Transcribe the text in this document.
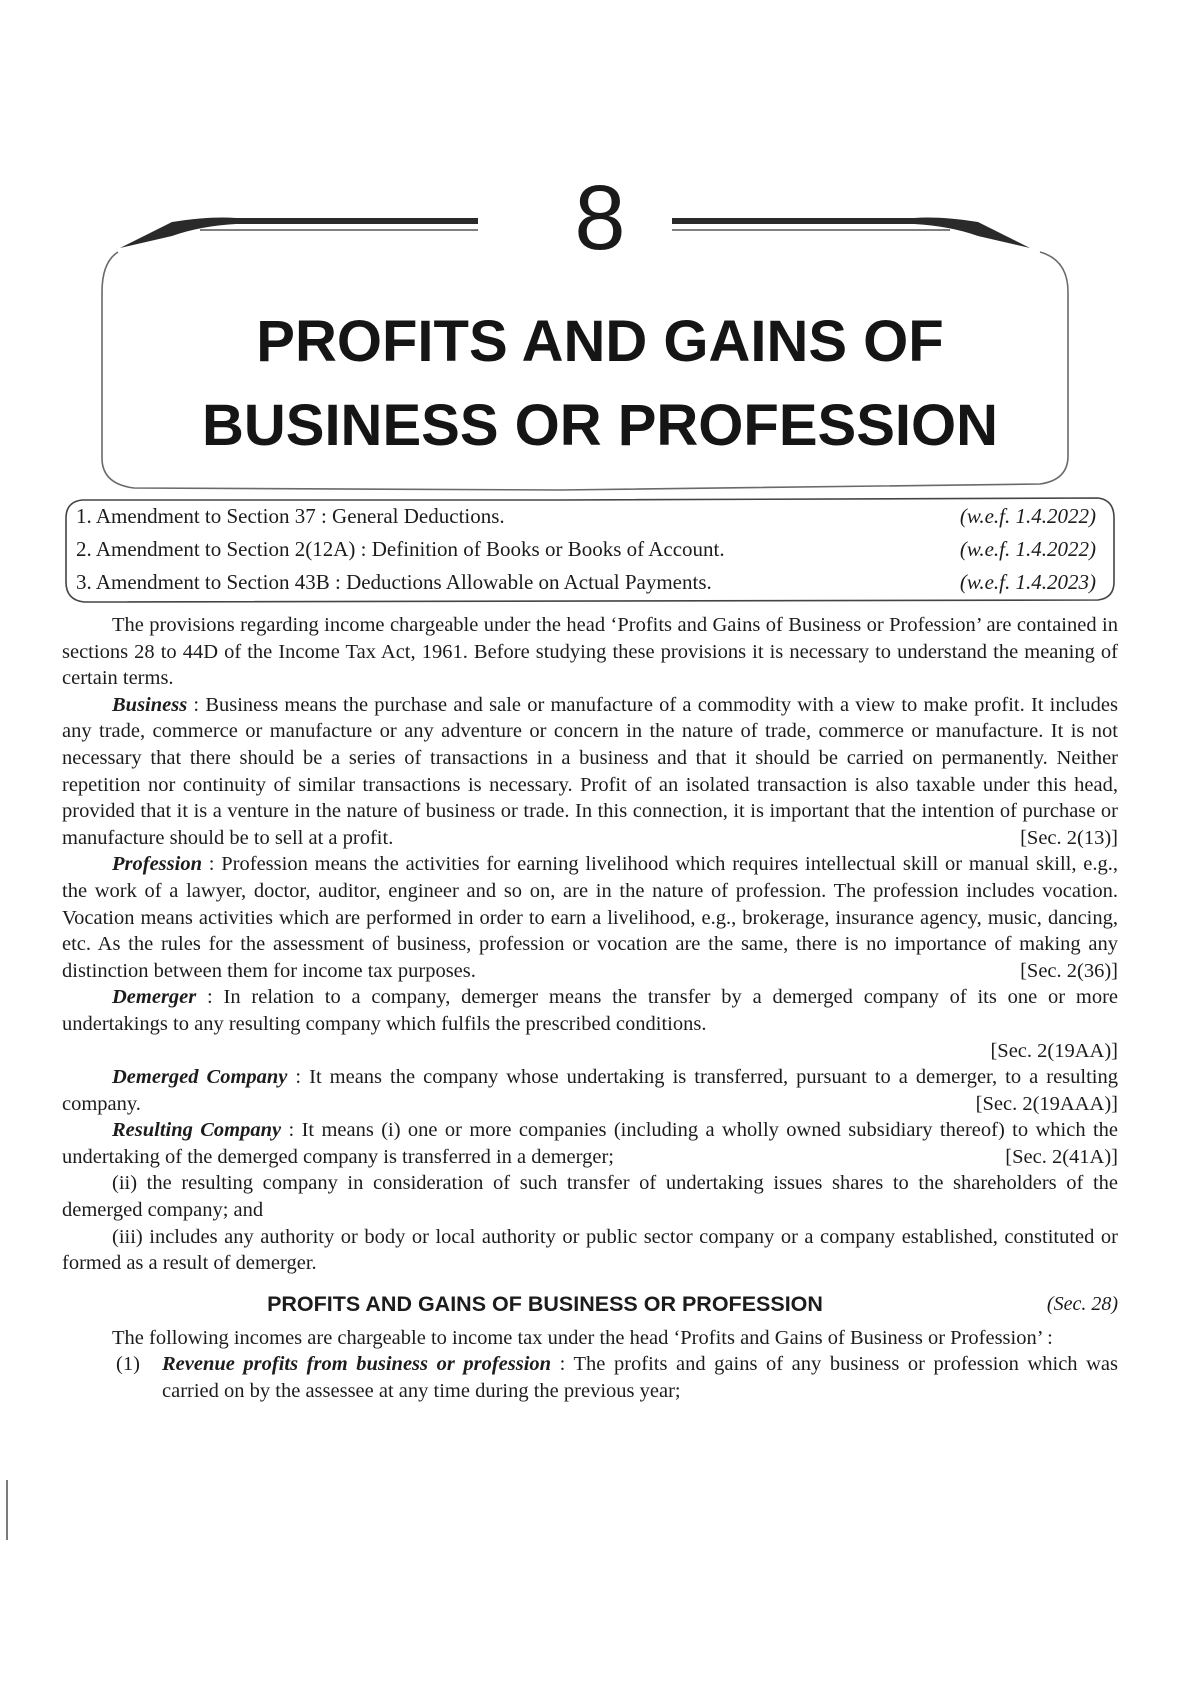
8
PROFITS AND GAINS OF
BUSINESS OR PROFESSION
1. Amendment to Section 37 : General Deductions.	(w.e.f. 1.4.2022)
2. Amendment to Section 2(12A) : Definition of Books or Books of Account.	(w.e.f. 1.4.2022)
3. Amendment to Section 43B : Deductions Allowable on Actual Payments.	(w.e.f. 1.4.2023)

The provisions regarding income chargeable under the head ‘Profits and Gains of Business or Profession’ are contained in sections 28 to 44D of the Income Tax Act, 1961. Before studying these provisions it is necessary to understand the meaning of certain terms.

Business : Business means the purchase and sale or manufacture of a commodity with a view to make profit. It includes any trade, commerce or manufacture or any adventure or concern in the nature of trade, commerce or manufacture. It is not necessary that there should be a series of transactions in a business and that it should be carried on permanently. Neither repetition nor continuity of similar transactions is necessary. Profit of an isolated transaction is also taxable under this head, provided that it is a venture in the nature of business or trade. In this connection, it is important that the intention of purchase or manufacture should be to sell at a profit.	[Sec. 2(13)]

Profession : Profession means the activities for earning livelihood which requires intellectual skill or manual skill, e.g., the work of a lawyer, doctor, auditor, engineer and so on, are in the nature of profession. The profession includes vocation. Vocation means activities which are performed in order to earn a livelihood, e.g., brokerage, insurance agency, music, dancing, etc. As the rules for the assessment of business, profession or vocation are the same, there is no importance of making any distinction between them for income tax purposes.	[Sec. 2(36)]

Demerger : In relation to a company, demerger means the transfer by a demerged company of its one or more undertakings to any resulting company which fulfils the prescribed conditions.
[Sec. 2(19AA)]

Demerged Company : It means the company whose undertaking is transferred, pursuant to a demerger, to a resulting company.	[Sec. 2(19AAA)]

Resulting Company : It means (i) one or more companies (including a wholly owned subsidiary thereof) to which the undertaking of the demerged company is transferred in a demerger;	[Sec. 2(41A)]

(ii) the resulting company in consideration of such transfer of undertaking issues shares to the shareholders of the demerged company; and

(iii) includes any authority or body or local authority or public sector company or a company established, constituted or formed as a result of demerger.

PROFITS AND GAINS OF BUSINESS OR PROFESSION	(Sec. 28)

The following incomes are chargeable to income tax under the head ‘Profits and Gains of Business or Profession’ :

(1) Revenue profits from business or profession : The profits and gains of any business or profession which was carried on by the assessee at any time during the previous year;
